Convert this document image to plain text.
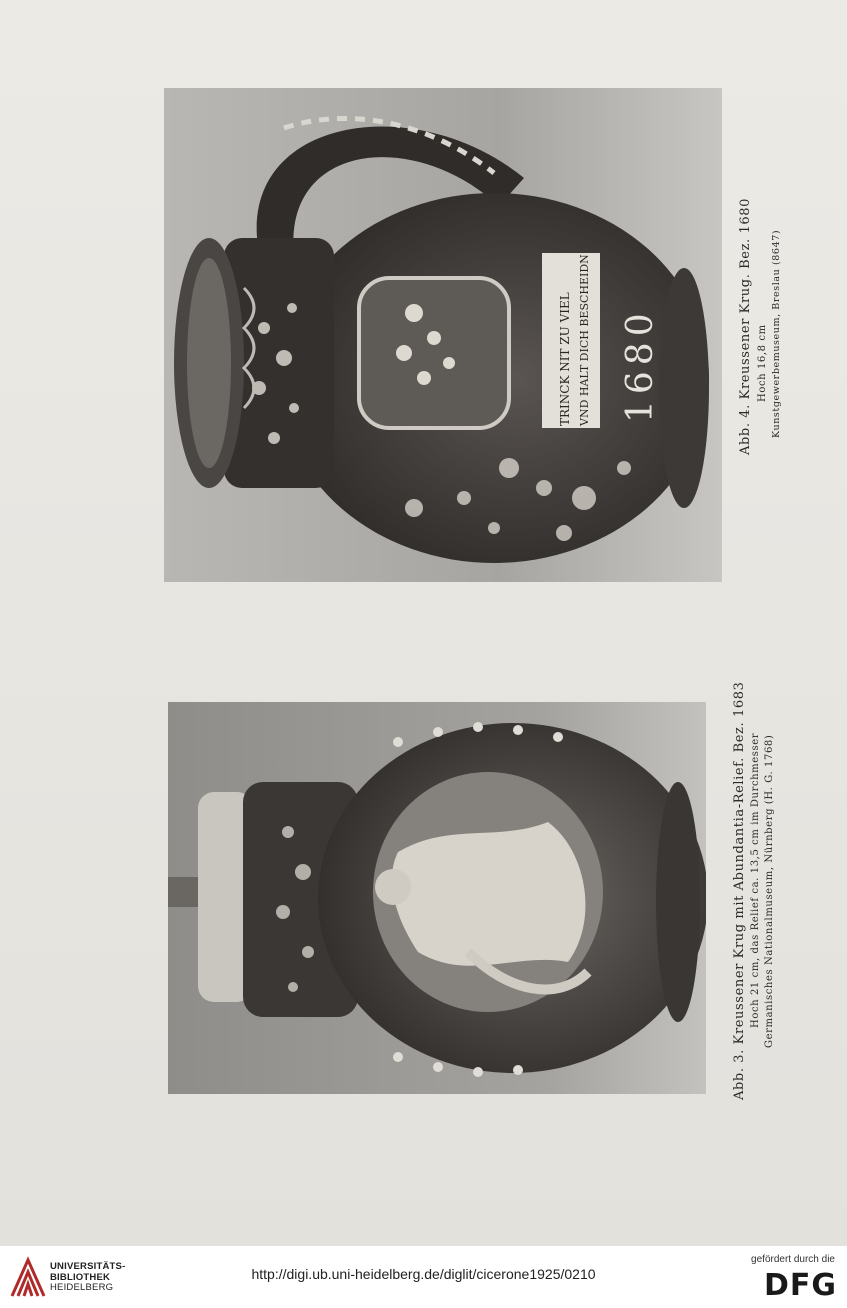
TRINCK NIT ZU VIEL VND HALT DICH BESCHEIDN 1680	Abb. 4. Kreussener Krug. Bez. 1680 Hoch 16,8 cm Kunstgewerbemuseum, Breslau (8647)
Abb. 3. Kreussener Krug mit Abundantia-Relief. Bez. 1683 Hoch 21 cm, das Relief ca. 13,5 cm im Durchmesser Germanisches Nationalmuseum, Nürnberg (H. G. 1768)
UNIVERSITÄTS-
BIBLIOTHEK
HEIDELBERG
http://digi.ub.uni-heidelberg.de/diglit/cicerone1925/0210
gefördert durch die
DFG
